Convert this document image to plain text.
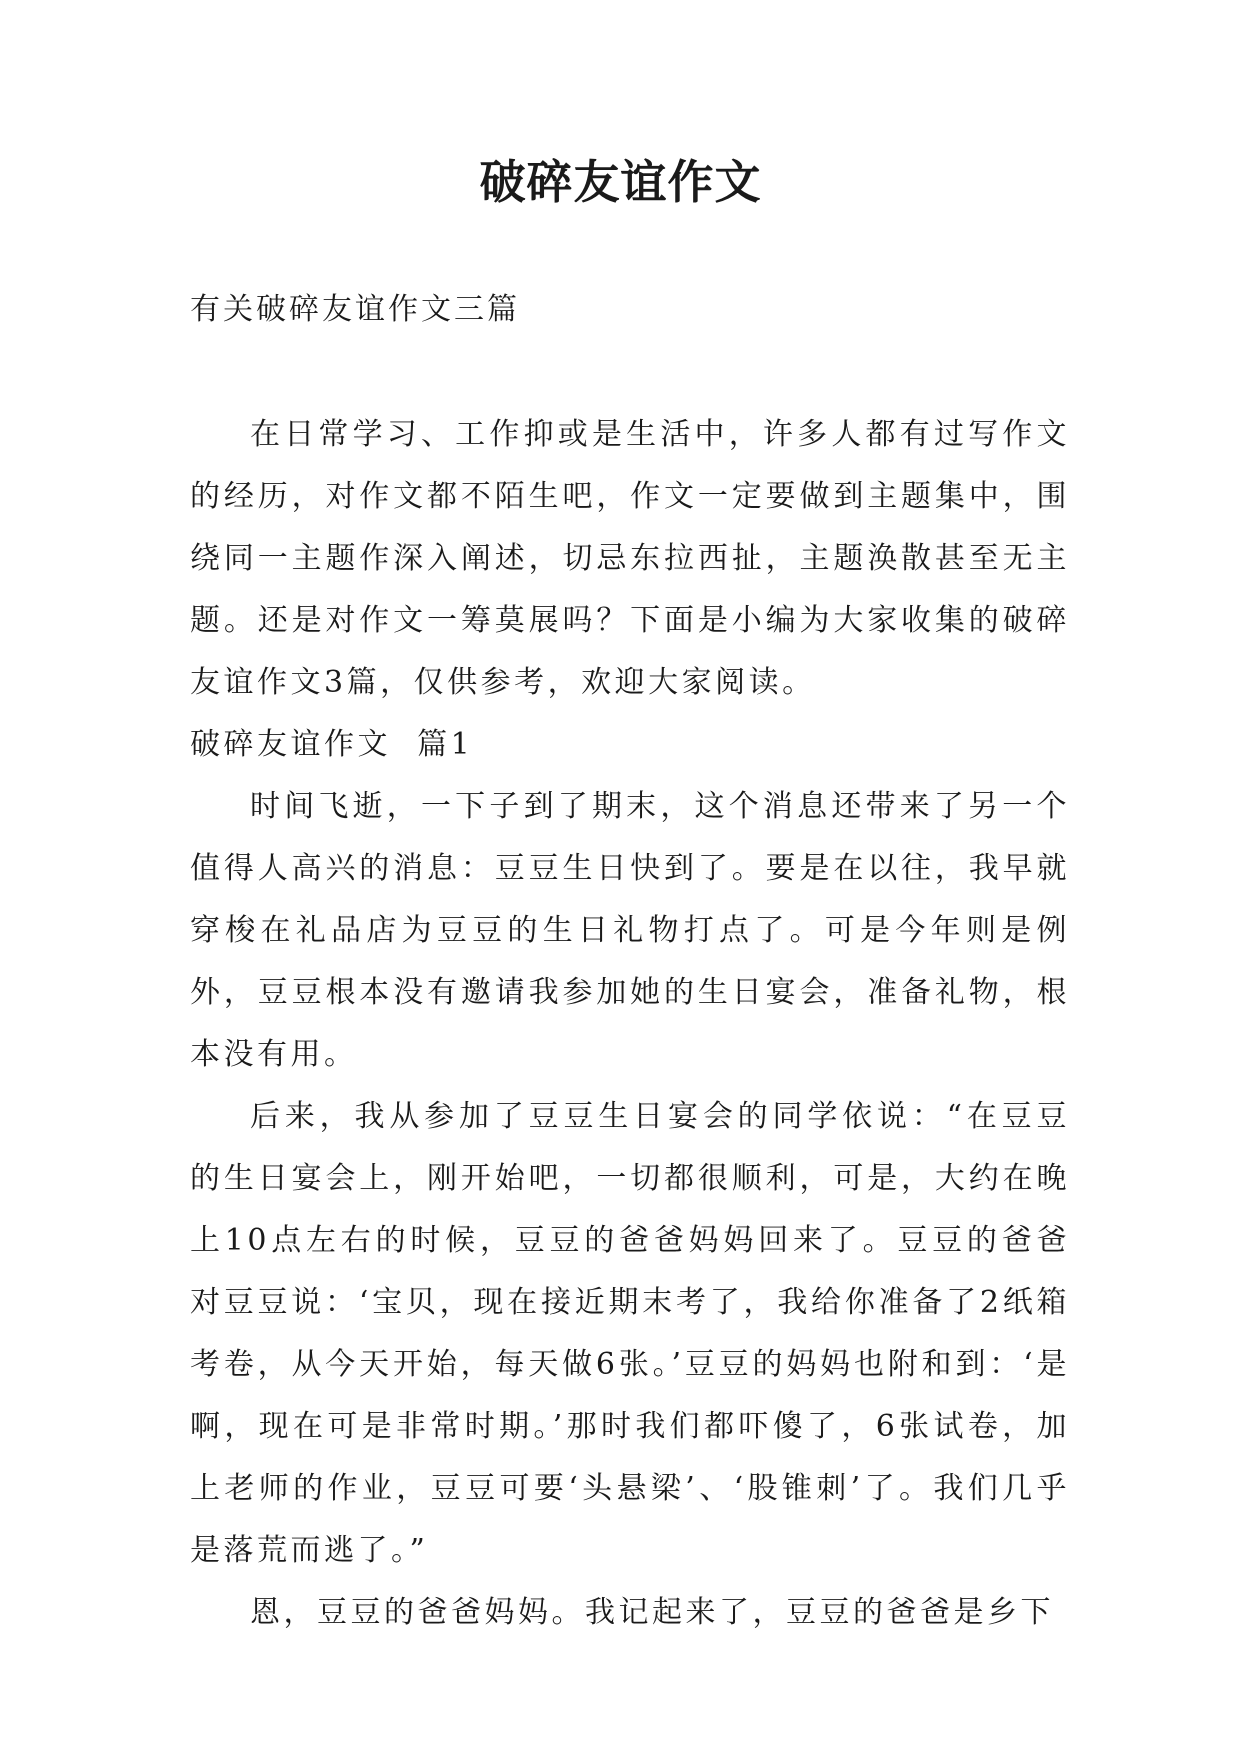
破碎友谊作文
有关破碎友谊作文三篇

在日常学习、工作抑或是生活中，许多人都有过写作文的经历，对作文都不陌生吧，作文一定要做到主题集中，围绕同一主题作深入阐述，切忌东拉西扯，主题涣散甚至无主题。还是对作文一筹莫展吗？下面是小编为大家收集的破碎友谊作文3篇，仅供参考，欢迎大家阅读。

破碎友谊作文  篇1

时间飞逝，一下子到了期末，这个消息还带来了另一个值得人高兴的消息：豆豆生日快到了。要是在以往，我早就穿梭在礼品店为豆豆的生日礼物打点了。可是今年则是例外，豆豆根本没有邀请我参加她的生日宴会，准备礼物，根本没有用。

后来，我从参加了豆豆生日宴会的同学依说：“在豆豆的生日宴会上，刚开始吧，一切都很顺利，可是，大约在晚上10点左右的时候，豆豆的爸爸妈妈回来了。豆豆的爸爸对豆豆说：‘宝贝，现在接近期末考了，我给你准备了2纸箱考卷，从今天开始，每天做6张。’豆豆的妈妈也附和到：‘是啊，现在可是非常时期。’那时我们都吓傻了，6张试卷，加上老师的作业，豆豆可要‘头悬梁’、‘股锥刺’了。我们几乎是落荒而逃了。”

恩，豆豆的爸爸妈妈。我记起来了，豆豆的爸爸是乡下
